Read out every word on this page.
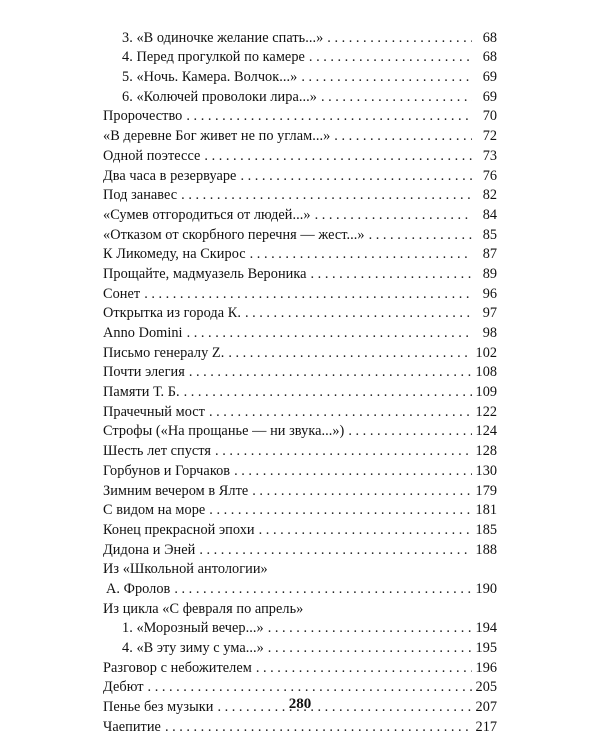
3. «В одиночке желание спать...» . . .	68
4. Перед прогулкой по камере . . .	68
5. «Ночь. Камера. Волчок...» . . .	69
6. «Колючей проволоки лира...» . . .	69
Пророчество . . .	70
«В деревне Бог живет не по углам...» . . .	72
Одной поэтессе . . .	73
Два часа в резервуаре . . .	76
Под занавес . . .	82
«Сумев отгородиться от людей...» . . .	84
«Отказом от скорбного перечня — жест...» . . .	85
К Ликомеду, на Скирос . . .	87
Прощайте, мадмуазель Вероника . . .	89
Сонет . . .	96
Открытка из города К. . . .	97
Anno Domini . . .	98
Письмо генералу Z. . . .	102
Почти элегия . . .	108
Памяти Т. Б. . . .	109
Прачечный мост . . .	122
Строфы («На прощанье — ни звука...») . . .	124
Шесть лет спустя . . .	128
Горбунов и Горчаков . . .	130
Зимним вечером в Ялте . . .	179
С видом на море . . .	181
Конец прекрасной эпохи . . .	185
Дидона и Эней . . .	188
Из «Школьной антологии»
А. Фролов . . .	190
Из цикла «С февраля по апрель»
1. «Морозный вечер...» . . .	194
4. «В эту зиму с ума...» . . .	195
Разговор с небожителем . . .	196
Дебют . . .	205
Пенье без музыки . . .	207
Чаепитие . . .	217
280
